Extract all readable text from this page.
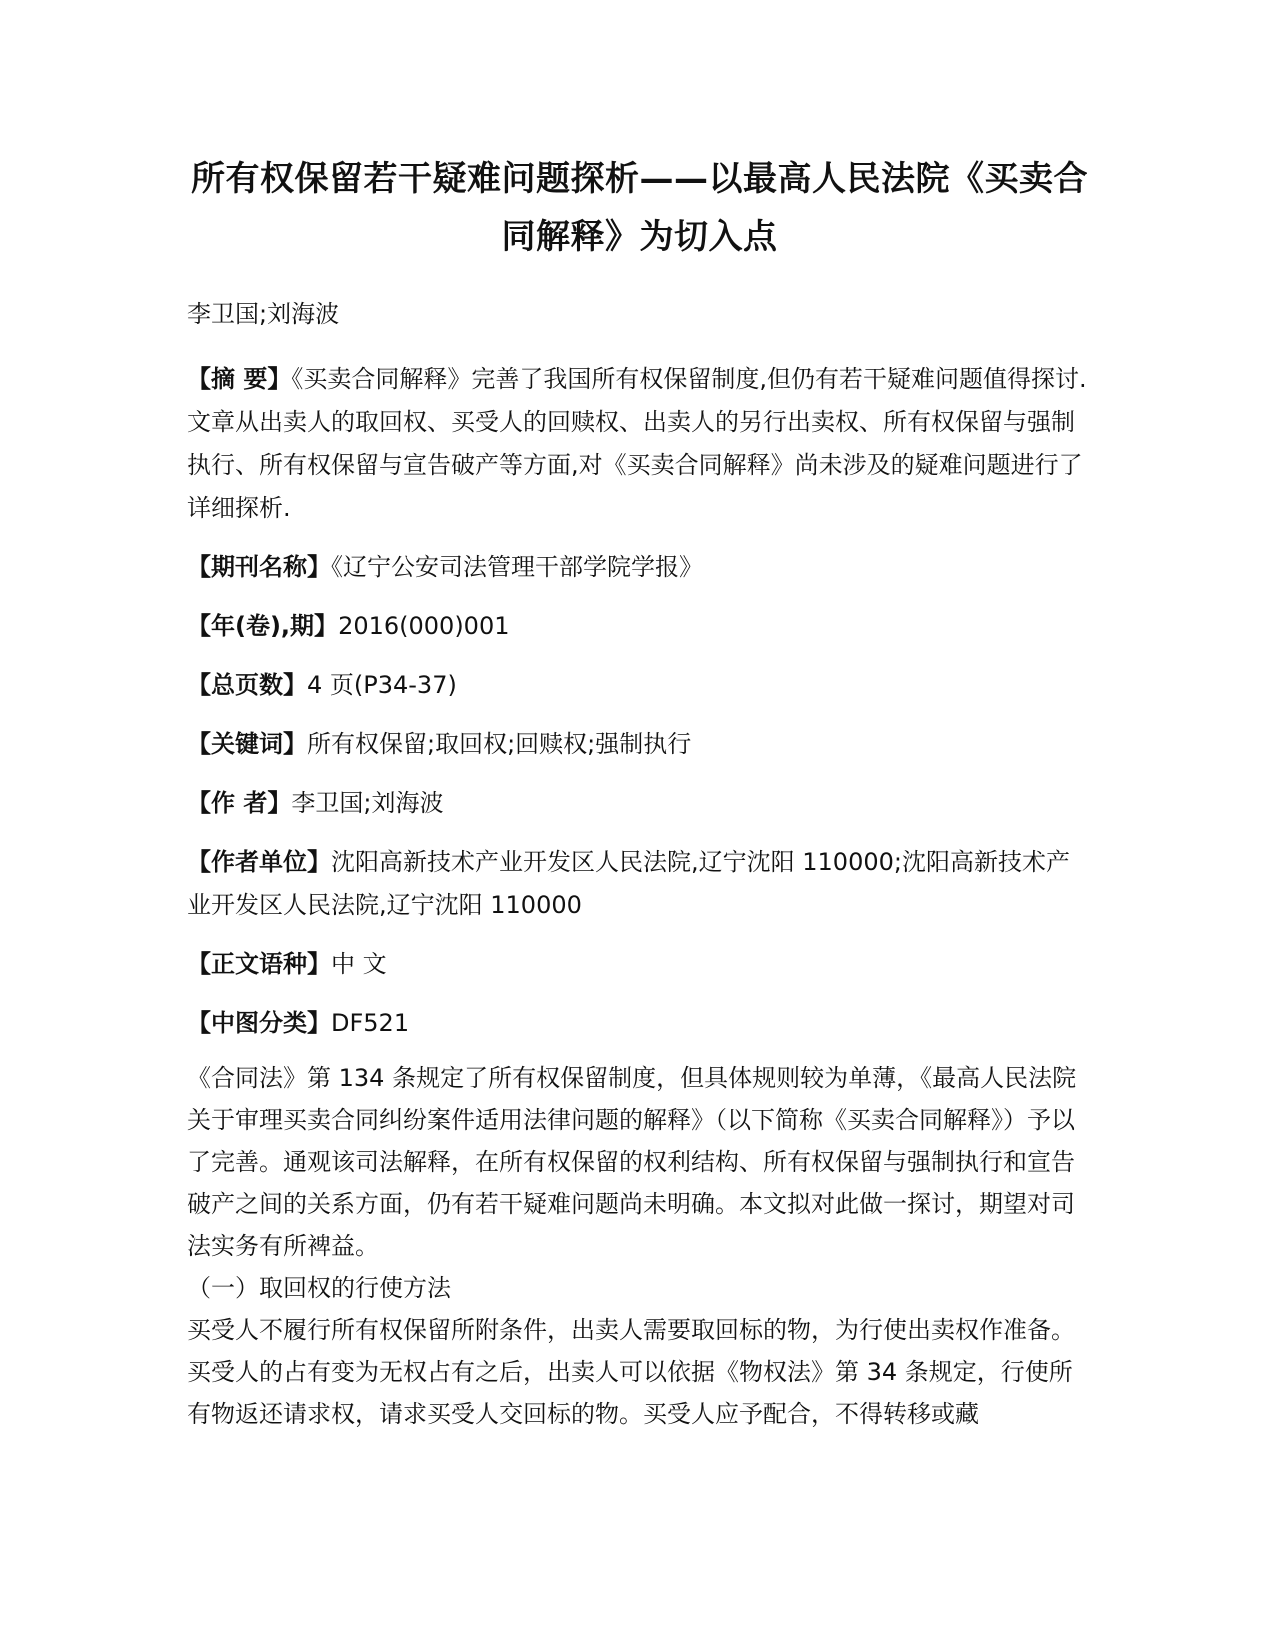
所有权保留若干疑难问题探析——以最高人民法院《买卖合同解释》为切入点
李卫国;刘海波
【摘 要】《买卖合同解释》完善了我国所有权保留制度,但仍有若干疑难问题值得探讨.文章从出卖人的取回权、买受人的回赎权、出卖人的另行出卖权、所有权保留与强制执行、所有权保留与宣告破产等方面,对《买卖合同解释》尚未涉及的疑难问题进行了详细探析.
【期刊名称】《辽宁公安司法管理干部学院学报》
【年(卷),期】2016(000)001
【总页数】4 页(P34-37)
【关键词】所有权保留;取回权;回赎权;强制执行
【作 者】李卫国;刘海波
【作者单位】沈阳高新技术产业开发区人民法院,辽宁沈阳 110000;沈阳高新技术产业开发区人民法院,辽宁沈阳 110000
【正文语种】中 文
【中图分类】DF521

《合同法》第 134 条规定了所有权保留制度，但具体规则较为单薄，《最高人民法院关于审理买卖合同纠纷案件适用法律问题的解释》（以下简称《买卖合同解释》）予以了完善。通观该司法解释，在所有权保留的权利结构、所有权保留与强制执行和宣告破产之间的关系方面，仍有若干疑难问题尚未明确。本文拟对此做一探讨，期望对司法实务有所裨益。

（一）取回权的行使方法

买受人不履行所有权保留所附条件，出卖人需要取回标的物，为行使出卖权作准备。买受人的占有变为无权占有之后，出卖人可以依据《物权法》第 34 条规定，行使所有物返还请求权，请求买受人交回标的物。买受人应予配合，不得转移或藏
